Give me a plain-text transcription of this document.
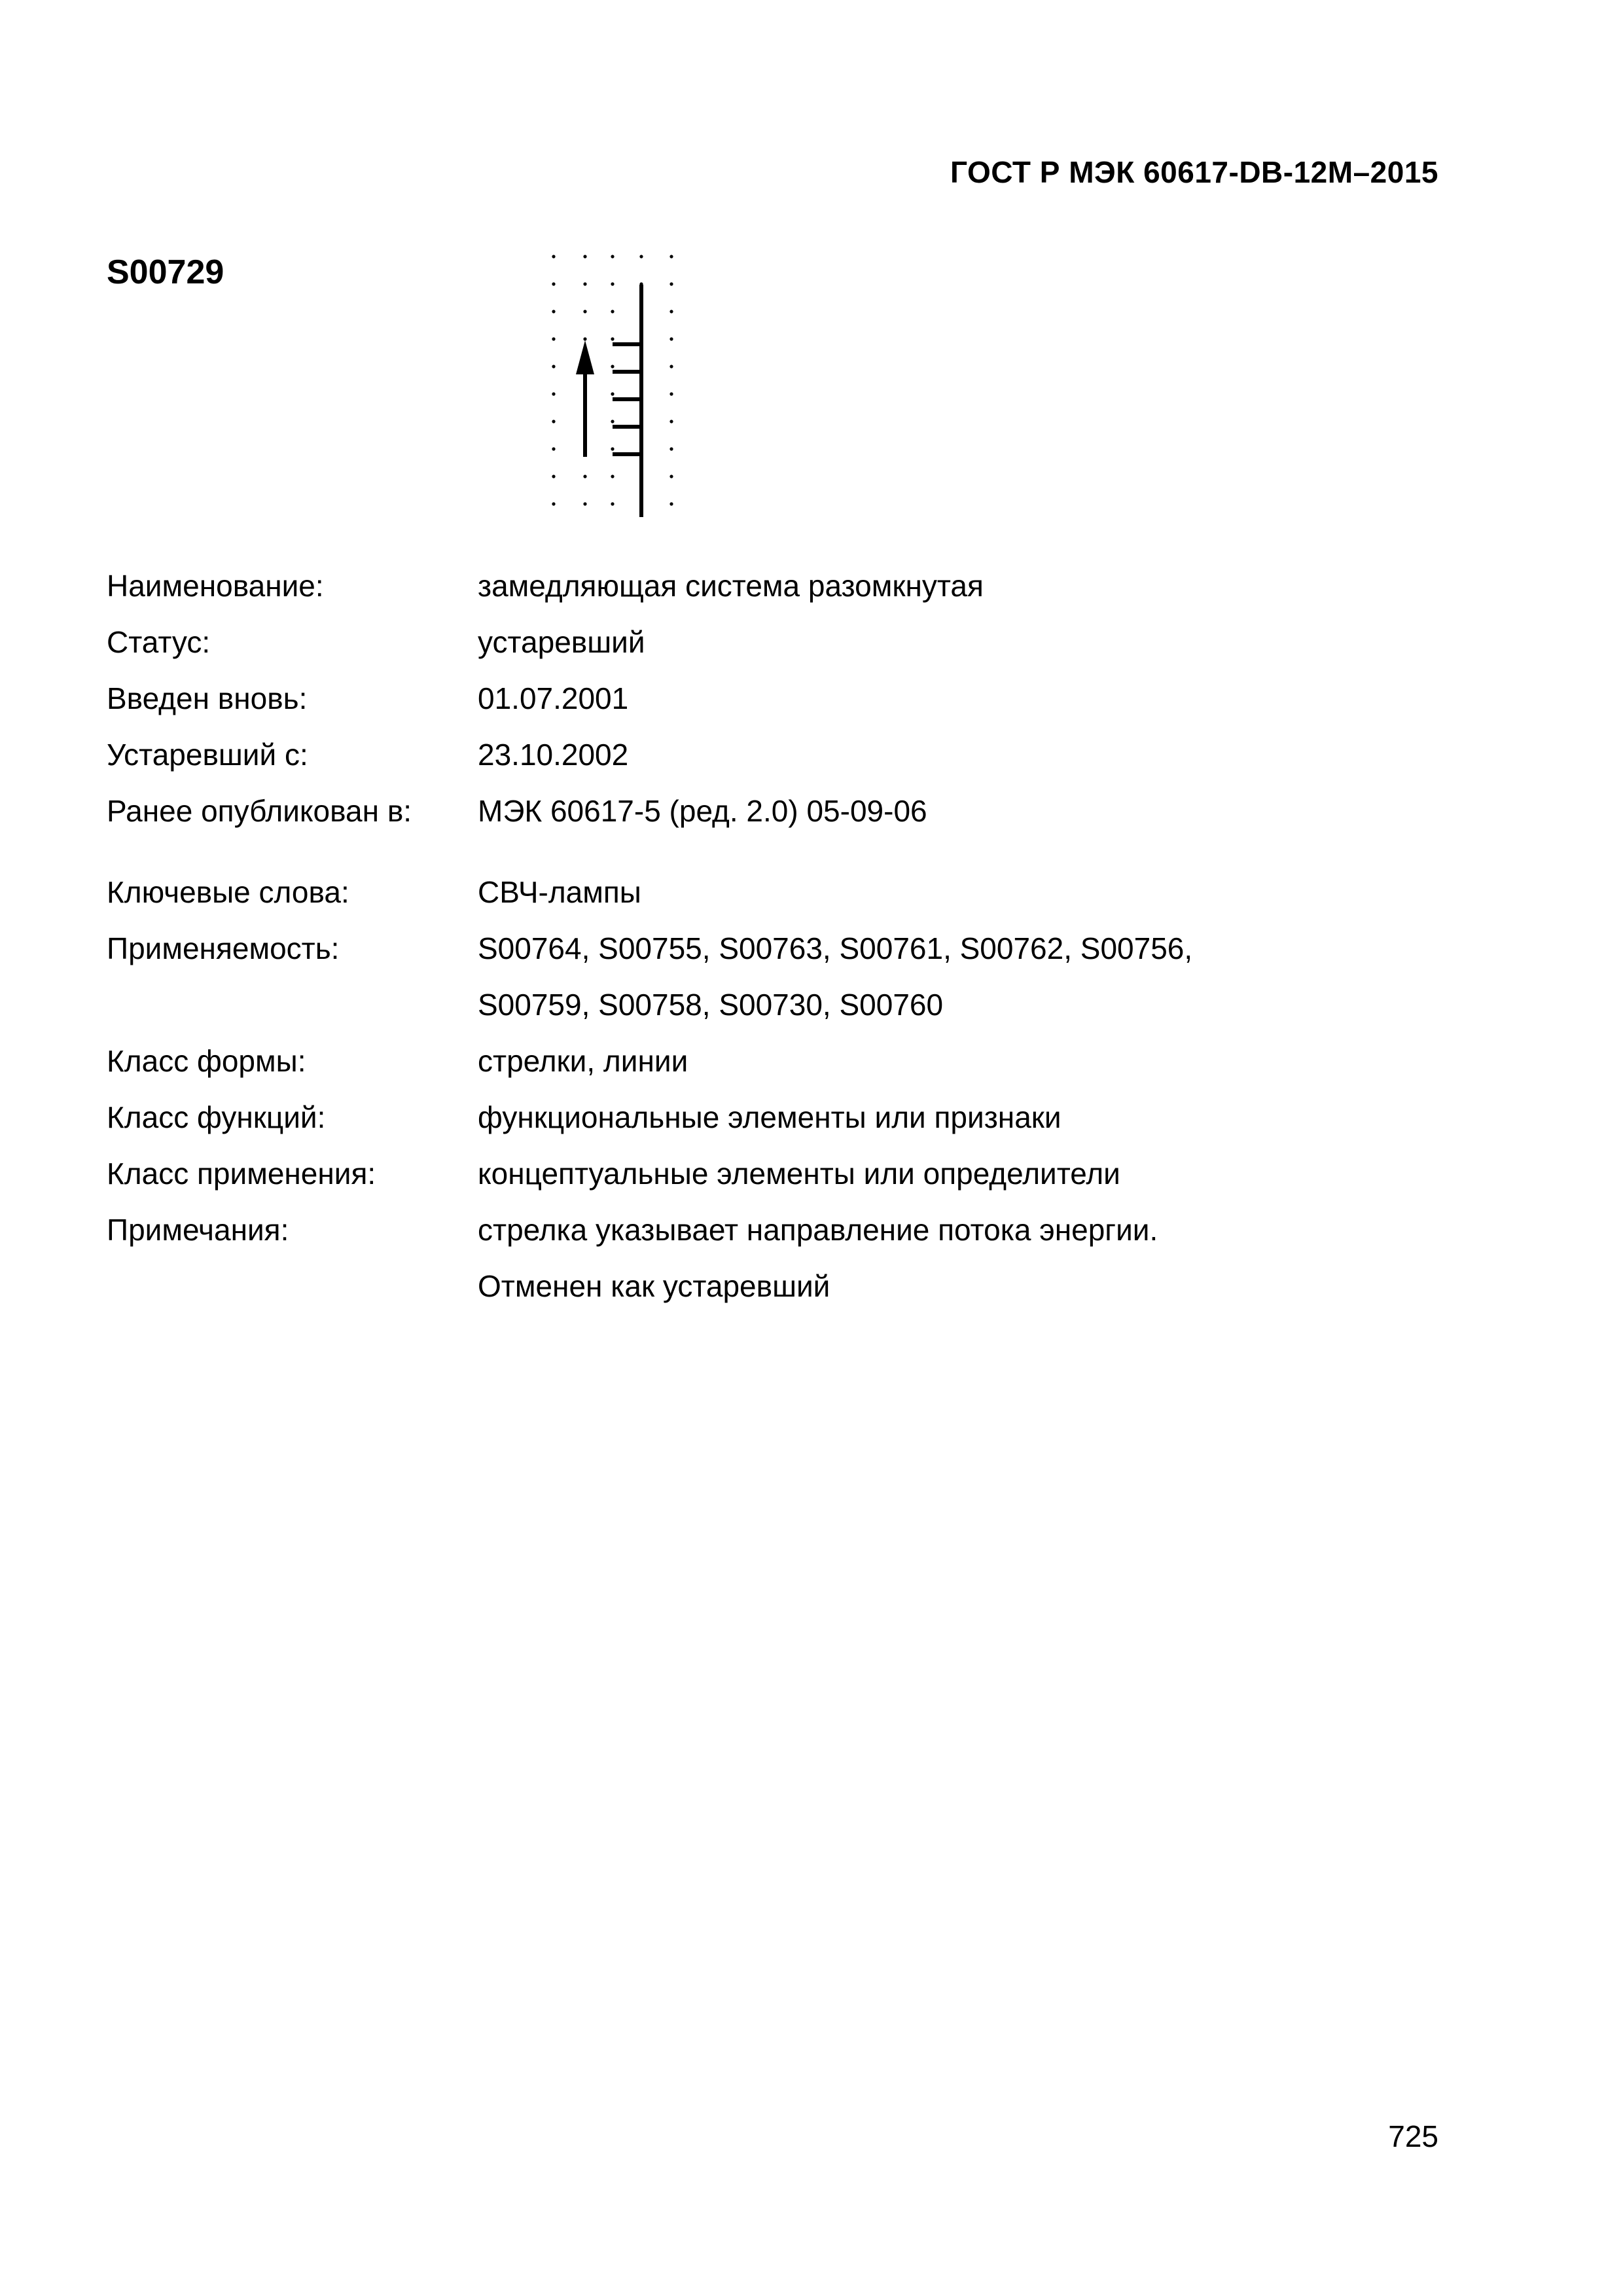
ГОСТ Р МЭК 60617-DB-12M–2015
S00729
Наименование:	замедляющая система разомкнутая
Статус:	устаревший
Введен вновь:	01.07.2001
Устаревший с:	23.10.2002
Ранее опубликован в:	МЭК 60617-5 (ред. 2.0) 05-09-06
Ключевые слова:	СВЧ-лампы
Применяемость:	S00764, S00755, S00763, S00761, S00762, S00756,
S00759, S00758, S00730, S00760
Класс формы:	стрелки, линии
Класс функций:	функциональные элементы или признаки
Класс применения:	концептуальные элементы или определители
Примечания:	стрелка указывает направление потока энергии.
Отменен как устаревший
725
